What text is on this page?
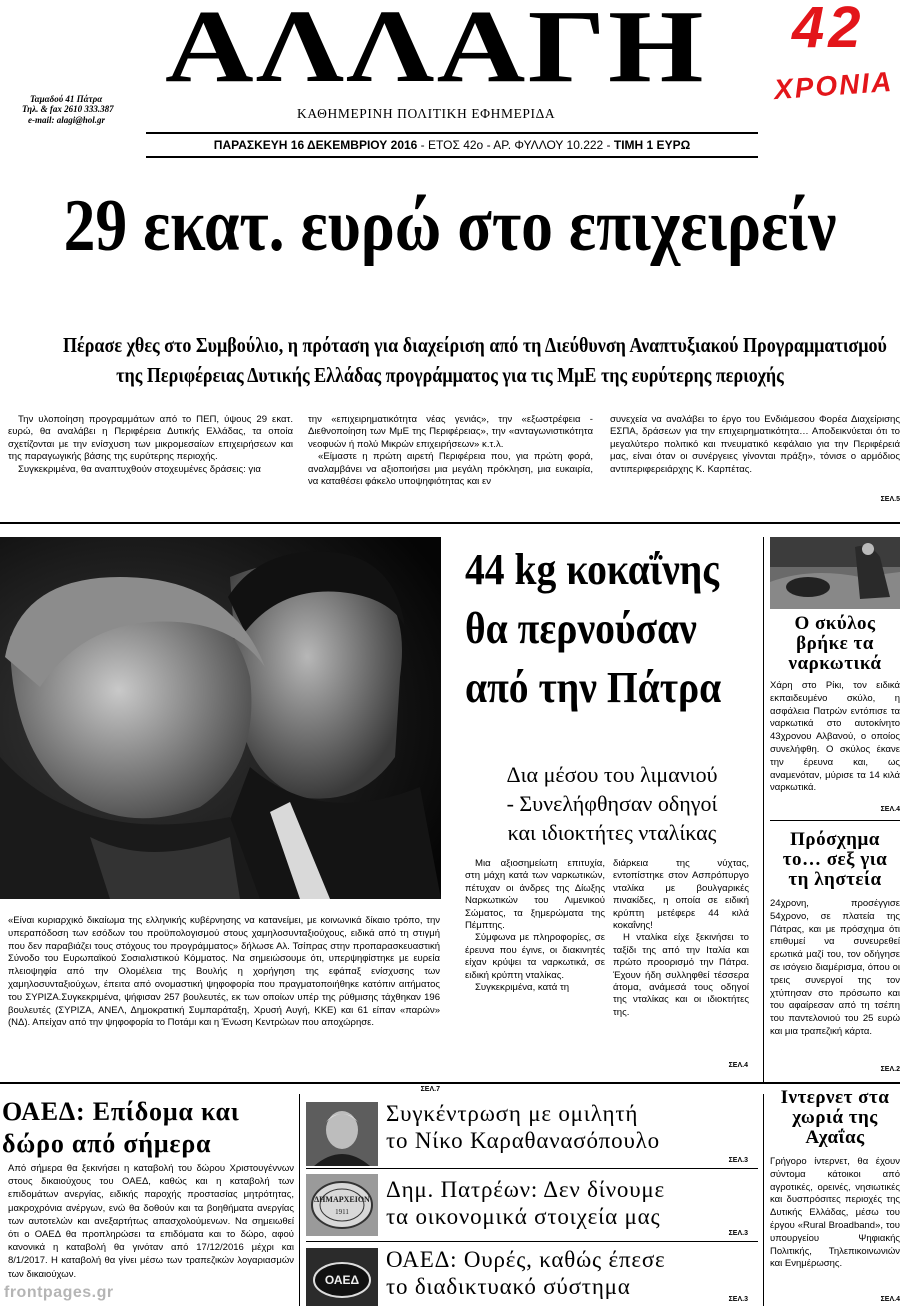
ΑΛΛΑΓΗ
ΚΑΘΗΜΕΡΙΝΗ ΠΟΛΙΤΙΚΗ ΕΦΗΜΕΡΙΔΑ
Ταμαδού 41 Πάτρα
Τηλ. & fax 2610 333.387
e-mail: alagi@hol.gr
42
ΧΡΟΝΙΑ
ΠΑΡΑΣΚΕΥΗ 16 ΔΕΚΕΜΒΡΙΟΥ 2016 - ΕΤΟΣ 42ο - ΑΡ. ΦΥΛΛΟΥ 10.222 - ΤΙΜΗ 1 ΕΥΡΩ
29 εκατ. ευρώ στο επιχειρείν
Πέρασε χθες στο Συμβούλιο, η πρόταση για διαχείριση από τη Διεύθυνση Αναπτυξιακού Προγραμματισμού
της Περιφέρειας Δυτικής Ελλάδας προγράμματος για τις ΜμΕ της ευρύτερης περιοχής

Την υλοποίηση προγραμμάτων από το ΠΕΠ, ύψους 29 εκατ. ευρώ, θα αναλάβει η Περιφέρεια Δυτικής Ελλάδας, τα οποία σχετίζονται με την ενίσχυση των μικρομεσαίων επιχειρήσεων και της παραγωγικής βάσης της ευρύτερης περιοχής.

Συγκεκριμένα, θα αναπτυχθούν στοχευμένες δράσεις: για

την «επιχειρηματικότητα νέας γενιάς», την «εξωστρέφεια - Διεθνοποίηση των ΜμΕ της Περιφέρειας», την «ανταγωνιστικότητα νεοφυών ή πολύ Μικρών επιχειρήσεων» κ.τ.λ.

«Είμαστε η πρώτη αιρετή Περιφέρεια που, για πρώτη φορά, αναλαμβάνει να αξιοποιήσει μια μεγάλη πρόκληση, μια ευκαιρία, να καταθέσει φάκελο υποψηφιότητας και εν

συνεχεία να αναλάβει το έργο του Ενδιάμεσου Φορέα Διαχείρισης ΕΣΠΑ, δράσεων για την επιχειρηματικότητα… Αποδεικνύεται ότι το μεγαλύτερο πολιτικό και πνευματικό κεφάλαιο για την Περιφέρειά μας, είναι όταν οι συνέργειες γίνονται πράξη», τόνισε ο αρμόδιος αντιπεριφερειάρχης Κ. Καρπέτας.

ΣΕΛ.5
«Είναι κυριαρχικό δικαίωμα της ελληνικής κυβέρνησης να κατανείμει, με κοινωνικά δίκαιο τρόπο, την υπεραπόδοση των εσόδων του προϋπολογισμού στους χαμηλοσυνταξιούχους, ειδικά από τη στιγμή που δεν παραβιάζει τους στόχους του προγράμματος» δήλωσε Αλ. Τσίπρας στην προπαρασκευαστική Σύνοδο του Ευρωπαϊκού Σοσιαλιστικού Κόμματος. Να σημειώσουμε ότι, υπερψηφίστηκε με ευρεία πλειοψηφία από την Ολομέλεια της Βουλής η χορήγηση της εφάπαξ ενίσχυσης των χαμηλοσυνταξιούχων, έπειτα από ονομαστική ψηφοφορία που πραγματοποιήθηκε κατόπιν αιτήματος του ΣΥΡΙΖΑ.Συγκεκριμένα, ψήφισαν 257 βουλευτές, εκ των οποίων υπέρ της ρύθμισης τάχθηκαν 196 βουλευτές (ΣΥΡΙΖΑ, ΑΝΕΛ, Δημοκρατική Συμπαράταξη, Χρυσή Αυγή, ΚΚΕ) και 61 είπαν «παρών» (ΝΔ). Απείχαν από την ψηφοφορία το Ποτάμι και η Ένωση Κεντρώων που αποχώρησε.
ΣΕΛ.7
44 kg κοκαΐνης
θα περνούσαν
από την Πάτρα
Δια μέσου του λιμανιού
- Συνελήφθησαν οδηγοί
και ιδιοκτήτες νταλίκας

Μια αξιοσημείωτη επιτυχία, στη μάχη κατά των ναρκωτικών, πέτυχαν οι άνδρες της Δίωξης Ναρκωτικών του Λιμενικού Σώματος, τα ξημερώματα της Πέμπτης.

Σύμφωνα με πληροφορίες, σε έρευνα που έγινε, οι διακινητές είχαν κρύψει τα ναρκωτικά, σε ειδική κρύπτη νταλίκας.

Συγκεκριμένα, κατά τη

διάρκεια της νύχτας, εντοπίστηκε στον Ασπρόπυργο νταλίκα με βουλγαρικές πινακίδες, η οποία σε ειδική κρύπτη μετέφερε 44 κιλά κοκαΐνης!

Η νταλίκα είχε ξεκινήσει το ταξίδι της από την Ιταλία και πρώτο προορισμό την Πάτρα. Έχουν ήδη συλληφθεί τέσσερα άτομα, ανάμεσά τους οδηγοί της νταλίκας και οι ιδιοκτήτες της.

ΣΕΛ.4
Ο σκύλος βρήκε τα ναρκωτικά
Χάρη στο Ρίκι, τον ειδικά εκπαιδευμένο σκύλο, η ασφάλεια Πατρών εντόπισε τα ναρκωτικά στο αυτοκίνητο 43χρονου Αλβανού, ο οποίος συνελήφθη. Ο σκύλος έκανε την έρευνα και, ως αναμενόταν, μύρισε τα 14 κιλά ναρκωτικά.
ΣΕΛ.4
Πρόσχημα το… σεξ για τη ληστεία
24χρονη, προσέγγισε 54χρονο, σε πλατεία της Πάτρας, και με πρόσχημα ότι επιθυμεί να συνευρεθεί ερωτικά μαζί του, τον οδήγησε σε ισόγειο διαμέρισμα, όπου οι τρεις συνεργοί της τον χτύπησαν στο πρόσωπο και του αφαίρεσαν από τη τσέπη του παντελονιού του 25 ευρώ και μια τραπεζική κάρτα.
ΣΕΛ.2
ΟΑΕΔ: Επίδομα και δώρο από σήμερα
Από σήμερα θα ξεκινήσει η καταβολή του δώρου Χριστουγέννων στους δικαιούχους του ΟΑΕΔ, καθώς και η καταβολή των επιδομάτων ανεργίας, ειδικής παροχής προστασίας μητρότητας, μακροχρόνια ανέργων, ενώ θα δοθούν και τα βοηθήματα ανεργίας των αυτοτελών και ανεξαρτήτως απασχολούμενων. Να σημειωθεί ότι ο ΟΑΕΔ θα προπληρώσει τα επιδόματα και το δώρο, αφού κανονικά η καταβολή θα γινόταν από 17/12/2016 μέχρι και 8/1/2017. Η καταβολή θα γίνει μέσω των τραπεζικών λογαριασμών των δικαιούχων.
Συγκέντρωση με ομιλητή
το Νίκο Καραθανασόπουλο
ΣΕΛ.3
ΔΗΜΑΡΧΕΙΟΝ
1911
Δημ. Πατρέων: Δεν δίνουμε
τα οικονομικά στοιχεία μας
ΣΕΛ.3
ΟΑΕΔ
ΟΑΕΔ: Ουρές, καθώς έπεσε
το διαδικτυακό σύστημα
ΣΕΛ.3
Ιντερνετ στα χωριά της Αχαΐας
Γρήγορο ίντερνετ, θα έχουν σύντομα κάτοικοι από αγροτικές, ορεινές, νησιωτικές και δυσπρόσιτες περιοχές της Δυτικής Ελλάδας, μέσω του έργου «Rural Broadband», του υπουργείου Ψηφιακής Πολιτικής, Τηλεπικοινωνιών και Ενημέρωσης.
ΣΕΛ.4
frontpages.gr
